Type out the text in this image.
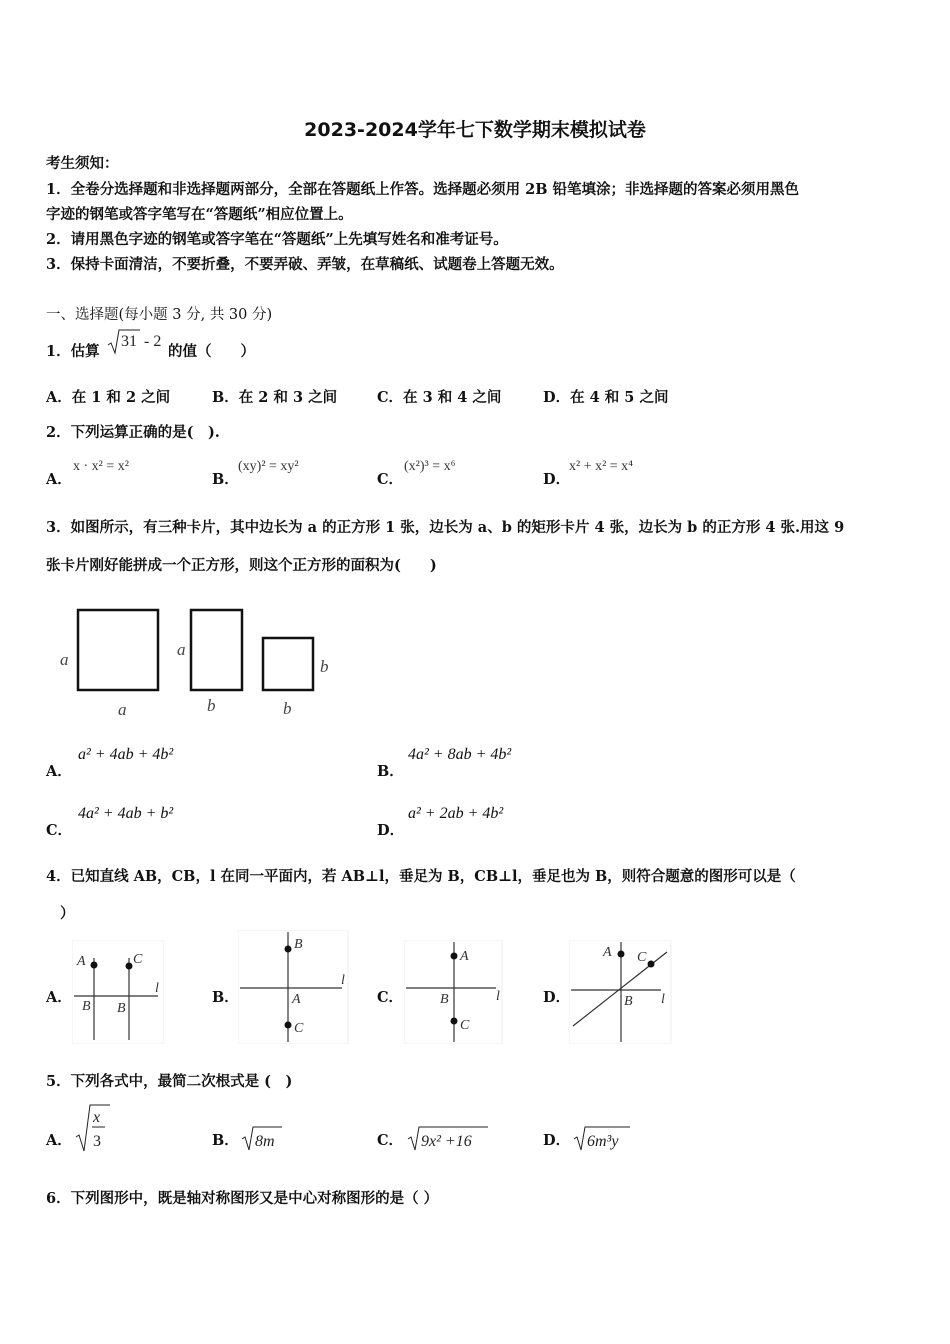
2023-2024学年七下数学期末模拟试卷
考生须知：
1．全卷分选择题和非选择题两部分，全部在答题纸上作答。选择题必须用 2B 铅笔填涂；非选择题的答案必须用黑色
字迹的钢笔或答字笔写在“答题纸”相应位置上。
2．请用黑色字迹的钢笔或答字笔在“答题纸”上先填写姓名和准考证号。
3．保持卡面清洁，不要折叠，不要弄破、弄皱，在草稿纸、试题卷上答题无效。
一、选择题(每小题 3 分, 共 30 分)
1．估算
31 - 2
的值（　　）
A．在 1 和 2 之间	B．在 2 和 3 之间	C．在 3 和 4 之间	D．在 4 和 5 之间
2．下列运算正确的是(　).
A．
x · x² = x²
B．
(xy)² = xy²
C．
(x²)³ = x⁶
D．
x² + x² = x⁴
3．如图所示，有三种卡片，其中边长为 a 的正方形 1 张，边长为 a、b 的矩形卡片 4 张，边长为 b 的正方形 4 张.用这 9
张卡片刚好能拼成一个正方形，则这个正方形的面积为(　　)
a
a
a
b
b
b
A．
a² + 4ab + 4b²
B．
4a² + 8ab + 4b²
C．
4a² + 4ab + b²
D．
a² + 2ab + 4b²
4．已知直线 AB，CB，l 在同一平面内，若 AB⊥l，垂足为 B，CB⊥l，垂足也为 B，则符合题意的图形可以是（
）
A．
A	C
B B
l
B．
B
A
C
l
C．
A
B
C
l	D．
A C
B l
5．下列各式中，最简二次根式是 (　)
A．
x
3	B． 8m	C． 9x² +16	D． 6m³y
6．下列图形中，既是轴对称图形又是中心对称图形的是（ ）
